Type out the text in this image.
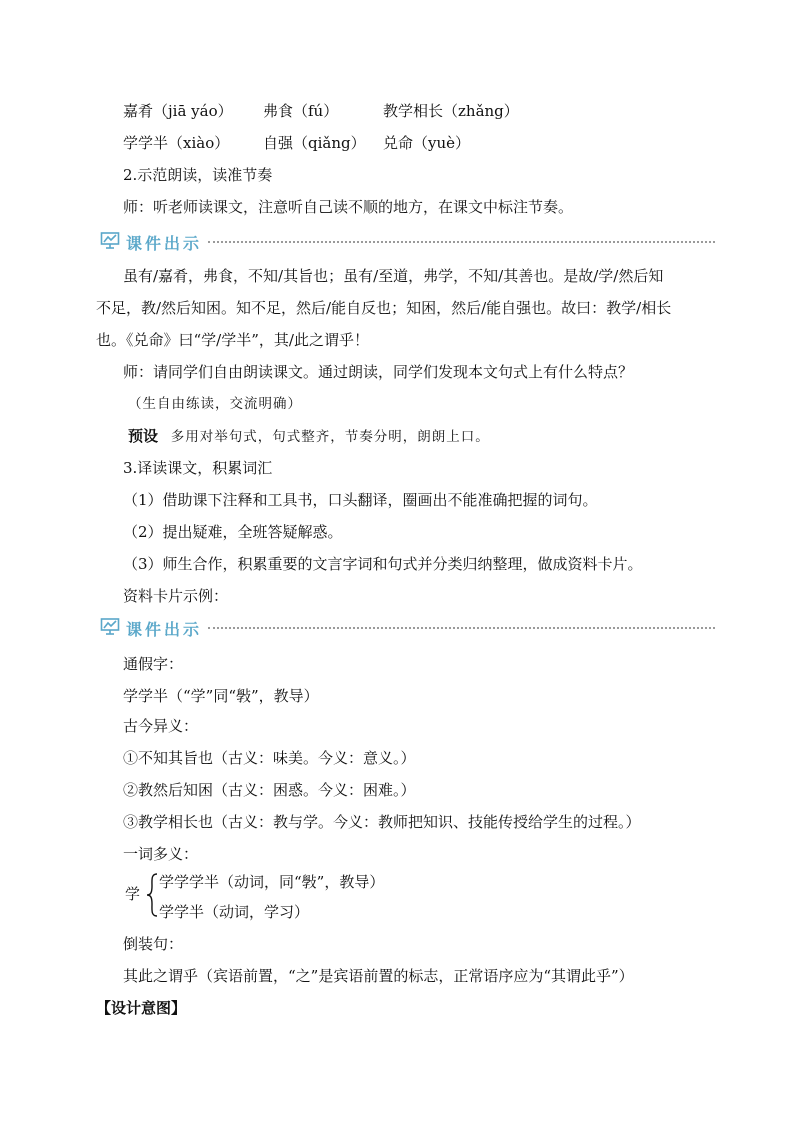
嘉肴（jiā yáo）	弗食（fú）	教学相长（zhǎng）
学学半（xiào）	自强（qiǎng）	兑命（yuè）
2.示范朗读，读准节奏
师：听老师读课文，注意听自己读不顺的地方，在课文中标注节奏。
课件出示
虽有/嘉肴，弗食，不知/其旨也；虽有/至道，弗学，不知/其善也。是故/学/然后知
不足，教/然后知困。知不足，然后/能自反也；知困，然后/能自强也。故曰：教学/相长
也。《兑命》曰“学/学半”，其/此之谓乎！
师：请同学们自由朗读课文。通过朗读，同学们发现本文句式上有什么特点？
（生自由练读，交流明确）
预设 多用对举句式，句式整齐，节奏分明，朗朗上口。
3.译读课文，积累词汇
（1）借助课下注释和工具书，口头翻译，圈画出不能准确把握的词句。
（2）提出疑难，全班答疑解惑。
（3）师生合作，积累重要的文言字词和句式并分类归纳整理，做成资料卡片。
资料卡片示例：
课件出示
通假字：
学学半（“学”同“斅”，教导）
古今异义：
①不知其旨也（古义：味美。今义：意义。）
②教然后知困（古义：困惑。今义：困难。）
③教学相长也（古义：教与学。今义：教师把知识、技能传授给学生的过程。）
一词多义：
学
学学学半（动词，同“斅”，教导）
学学半（动词，学习）
倒装句：
其此之谓乎（宾语前置，“之”是宾语前置的标志，正常语序应为“其谓此乎”）
【设计意图】
